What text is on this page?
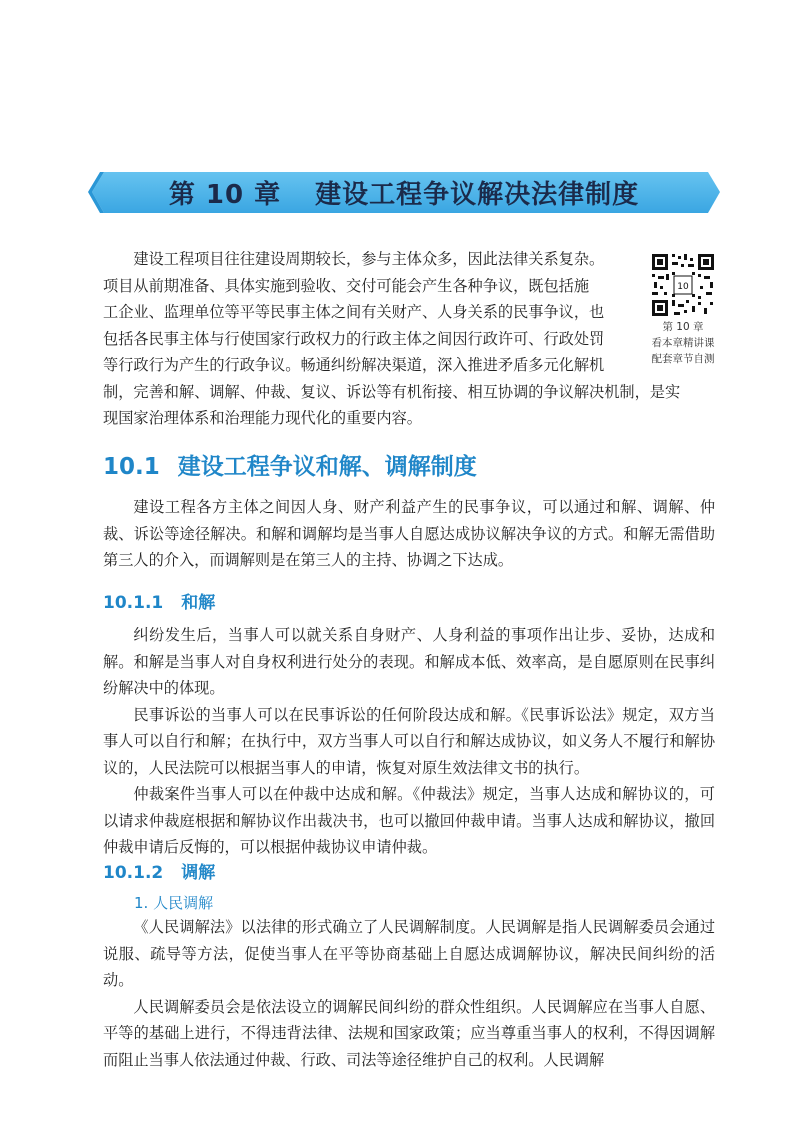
第 10 章 建设工程争议解决法律制度

建设工程项目往往建设周期较长，参与主体众多，因此法律关系复杂。

项目从前期准备、具体实施到验收、交付可能会产生各种争议，既包括施

工企业、监理单位等平等民事主体之间有关财产、人身关系的民事争议，也

包括各民事主体与行使国家行政权力的行政主体之间因行政许可、行政处罚

等行政行为产生的行政争议。畅通纠纷解决渠道，深入推进矛盾多元化解机

制，完善和解、调解、仲裁、复议、诉讼等有机衔接、相互协调的争议解决机制，是实

现国家治理体系和治理能力现代化的重要内容。

10
第 10 章
看本章精讲课
配套章节自测
10.1 建设工程争议和解、调解制度

建设工程各方主体之间因人身、财产利益产生的民事争议，可以通过和解、调解、仲裁、诉讼等途径解决。和解和调解均是当事人自愿达成协议解决争议的方式。和解无需借助第三人的介入，而调解则是在第三人的主持、协调之下达成。

10.1.1 和解

纠纷发生后，当事人可以就关系自身财产、人身利益的事项作出让步、妥协，达成和解。和解是当事人对自身权利进行处分的表现。和解成本低、效率高，是自愿原则在民事纠纷解决中的体现。

民事诉讼的当事人可以在民事诉讼的任何阶段达成和解。《民事诉讼法》规定，双方当事人可以自行和解；在执行中，双方当事人可以自行和解达成协议，如义务人不履行和解协议的，人民法院可以根据当事人的申请，恢复对原生效法律文书的执行。

仲裁案件当事人可以在仲裁中达成和解。《仲裁法》规定，当事人达成和解协议的，可以请求仲裁庭根据和解协议作出裁决书，也可以撤回仲裁申请。当事人达成和解协议，撤回仲裁申请后反悔的，可以根据仲裁协议申请仲裁。

10.1.2 调解
1. 人民调解

《人民调解法》以法律的形式确立了人民调解制度。人民调解是指人民调解委员会通过说服、疏导等方法，促使当事人在平等协商基础上自愿达成调解协议，解决民间纠纷的活动。

人民调解委员会是依法设立的调解民间纠纷的群众性组织。人民调解应在当事人自愿、平等的基础上进行，不得违背法律、法规和国家政策；应当尊重当事人的权利，不得因调解而阻止当事人依法通过仲裁、行政、司法等途径维护自己的权利。人民调解
